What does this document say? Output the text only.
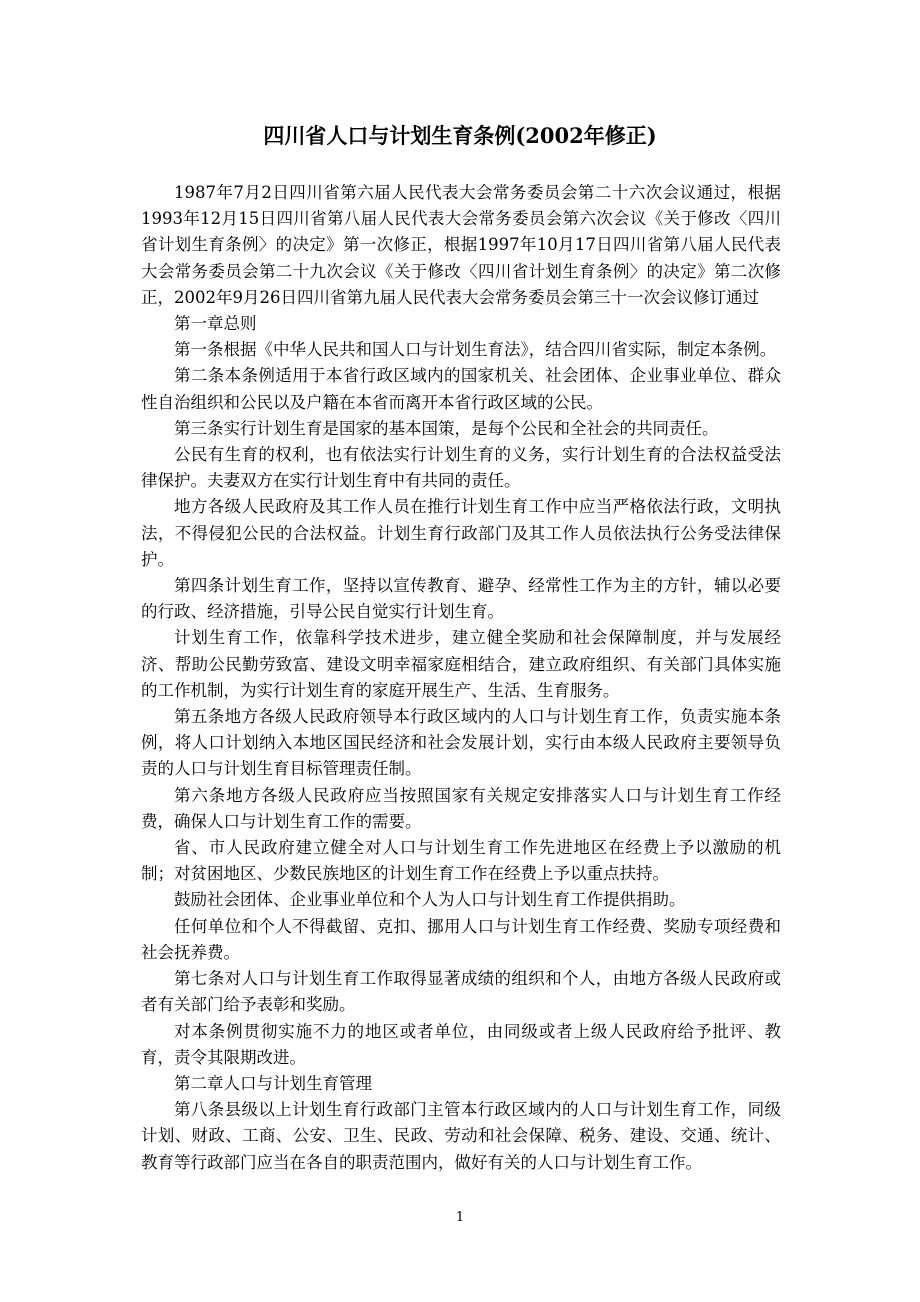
四川省人口与计划生育条例(2002年修正)

1987年7月2日四川省第六届人民代表大会常务委员会第二十六次会议通过，根据1993年12月15日四川省第八届人民代表大会常务委员会第六次会议《关于修改〈四川省计划生育条例〉的决定》第一次修正，根据1997年10月17日四川省第八届人民代表大会常务委员会第二十九次会议《关于修改〈四川省计划生育条例〉的决定》第二次修正，2002年9月26日四川省第九届人民代表大会常务委员会第三十一次会议修订通过

第一章总则

第一条根据《中华人民共和国人口与计划生育法》，结合四川省实际，制定本条例。

第二条本条例适用于本省行政区域内的国家机关、社会团体、企业事业单位、群众性自治组织和公民以及户籍在本省而离开本省行政区域的公民。

第三条实行计划生育是国家的基本国策，是每个公民和全社会的共同责任。

公民有生育的权利，也有依法实行计划生育的义务，实行计划生育的合法权益受法律保护。夫妻双方在实行计划生育中有共同的责任。

地方各级人民政府及其工作人员在推行计划生育工作中应当严格依法行政，文明执法，不得侵犯公民的合法权益。计划生育行政部门及其工作人员依法执行公务受法律保护。

第四条计划生育工作，坚持以宣传教育、避孕、经常性工作为主的方针，辅以必要的行政、经济措施，引导公民自觉实行计划生育。

计划生育工作，依靠科学技术进步，建立健全奖励和社会保障制度，并与发展经济、帮助公民勤劳致富、建设文明幸福家庭相结合，建立政府组织、有关部门具体实施的工作机制，为实行计划生育的家庭开展生产、生活、生育服务。

第五条地方各级人民政府领导本行政区域内的人口与计划生育工作，负责实施本条例，将人口计划纳入本地区国民经济和社会发展计划，实行由本级人民政府主要领导负责的人口与计划生育目标管理责任制。

第六条地方各级人民政府应当按照国家有关规定安排落实人口与计划生育工作经费，确保人口与计划生育工作的需要。

省、市人民政府建立健全对人口与计划生育工作先进地区在经费上予以激励的机制；对贫困地区、少数民族地区的计划生育工作在经费上予以重点扶持。

鼓励社会团体、企业事业单位和个人为人口与计划生育工作提供捐助。

任何单位和个人不得截留、克扣、挪用人口与计划生育工作经费、奖励专项经费和社会抚养费。

第七条对人口与计划生育工作取得显著成绩的组织和个人，由地方各级人民政府或者有关部门给予表彰和奖励。

对本条例贯彻实施不力的地区或者单位，由同级或者上级人民政府给予批评、教育，责令其限期改进。

第二章人口与计划生育管理

第八条县级以上计划生育行政部门主管本行政区域内的人口与计划生育工作，同级计划、财政、工商、公安、卫生、民政、劳动和社会保障、税务、建设、交通、统计、教育等行政部门应当在各自的职责范围内，做好有关的人口与计划生育工作。

1
